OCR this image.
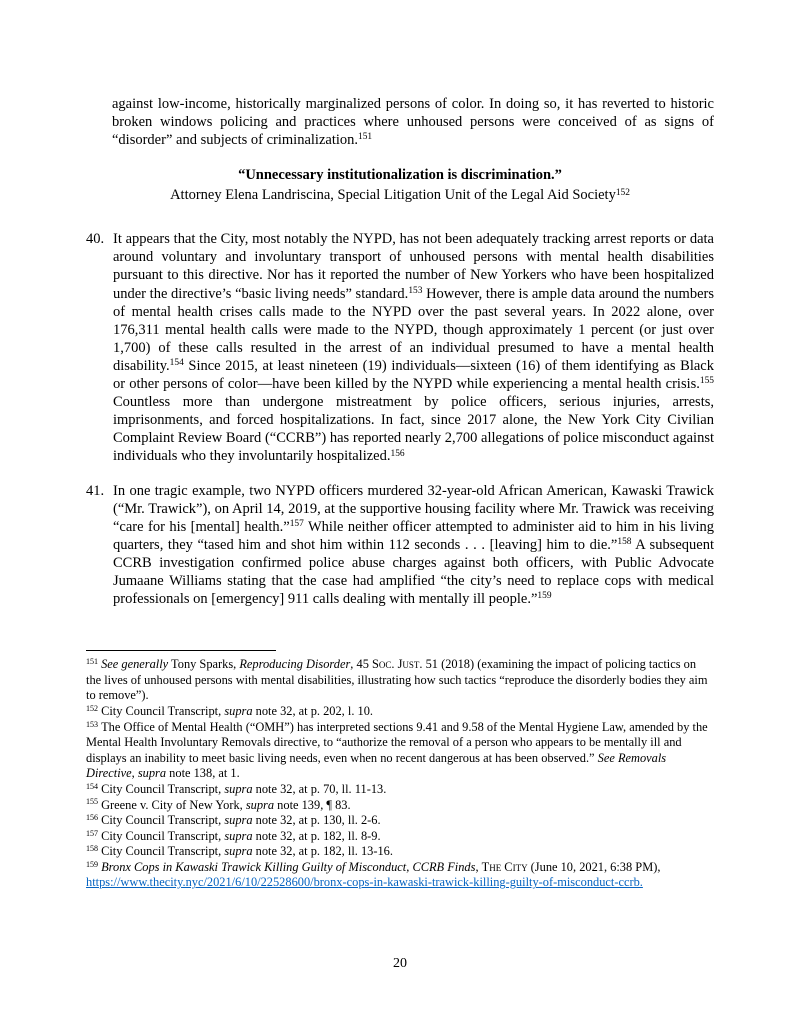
against low-income, historically marginalized persons of color. In doing so, it has reverted to historic broken windows policing and practices where unhoused persons were conceived of as signs of “disorder” and subjects of criminalization.$^{151}$

“Unnecessary institutionalization is discrimination.”

Attorney Elena Landriscina, Special Litigation Unit of the Legal Aid Society$^{152}$

40. It appears that the City, most notably the NYPD, has not been adequately tracking arrest reports or data around voluntary and involuntary transport of unhoused persons with mental health disabilities pursuant to this directive. Nor has it reported the number of New Yorkers who have been hospitalized under the directive’s “basic living needs” standard.$^{153}$ However, there is ample data around the numbers of mental health crises calls made to the NYPD over the past several years. In 2022 alone, over 176,311 mental health calls were made to the NYPD, though approximately 1 percent (or just over 1,700) of these calls resulted in the arrest of an individual presumed to have a mental health disability.$^{154}$ Since 2015, at least nineteen (19) individuals—sixteen (16) of them identifying as Black or other persons of color—have been killed by the NYPD while experiencing a mental health crisis.$^{155}$ Countless more than undergone mistreatment by police officers, serious injuries, arrests, imprisonments, and forced hospitalizations. In fact, since 2017 alone, the New York City Civilian Complaint Review Board (“CCRB”) has reported nearly 2,700 allegations of police misconduct against individuals who they involuntarily hospitalized.$^{156}$

41. In one tragic example, two NYPD officers murdered 32-year-old African American, Kawaski Trawick (“Mr. Trawick”), on April 14, 2019, at the supportive housing facility where Mr. Trawick was receiving “care for his [mental] health.”$^{157}$ While neither officer attempted to administer aid to him in his living quarters, they “tased him and shot him within 112 seconds . . . [leaving] him to die.”$^{158}$ A subsequent CCRB investigation confirmed police abuse charges against both officers, with Public Advocate Jumaane Williams stating that the case had amplified “the city’s need to replace cops with medical professionals on [emergency] 911 calls dealing with mentally ill people.”$^{159}$

$^{151}$ See generally Tony Sparks, Reproducing Disorder, 45 Soc. Just. 51 (2018) (examining the impact of policing tactics on the lives of unhoused persons with mental disabilities, illustrating how such tactics “reproduce the disorderly bodies they aim to remove”).

$^{152}$ City Council Transcript, supra note 32, at p. 202, l. 10.

$^{153}$ The Office of Mental Health (“OMH”) has interpreted sections 9.41 and 9.58 of the Mental Hygiene Law, amended by the Mental Health Involuntary Removals directive, to “authorize the removal of a person who appears to be mentally ill and displays an inability to meet basic living needs, even when no recent dangerous at has been observed.” See Removals Directive, supra note 138, at 1.

$^{154}$ City Council Transcript, supra note 32, at p. 70, ll. 11-13.

$^{155}$ Greene v. City of New York, supra note 139, ¶ 83.

$^{156}$ City Council Transcript, supra note 32, at p. 130, ll. 2-6.

$^{157}$ City Council Transcript, supra note 32, at p. 182, ll. 8-9.

$^{158}$ City Council Transcript, supra note 32, at p. 182, ll. 13-16.

$^{159}$ Bronx Cops in Kawaski Trawick Killing Guilty of Misconduct, CCRB Finds, The City (June 10, 2021, 6:38 PM), https://www.thecity.nyc/2021/6/10/22528600/bronx-cops-in-kawaski-trawick-killing-guilty-of-misconduct-ccrb.

20
